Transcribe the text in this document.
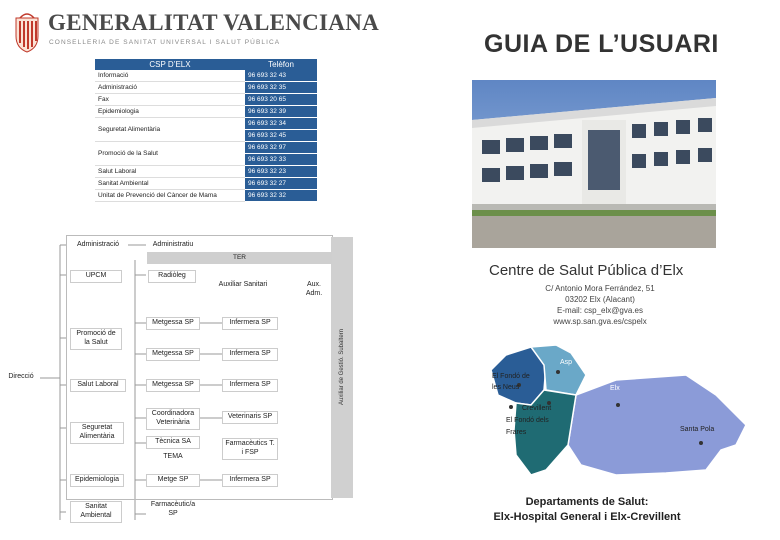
GENERALITAT VALENCIANA
CONSELLERIA DE SANITAT UNIVERSAL I SALUT PÚBLICA	GUIA DE L’USUARI
CSP D’ELX	Telèfon
Informació	96 693 32 43
Administració	96 693 32 35
Fax	96 693 20 65
Epidemiologia	96 693 32 39
Seguretat Alimentària	96 693 32 34
	96 693 32 45
Promoció de la Salut	96 693 32 97
	96 693 32 33
Salut Laboral	96 693 32 23
Sanitat Ambiental	96 693 32 27
Unitat de Prevenció del Càncer de Mama	96 693 32 32
Auxiliar de Gestió. Subaltern
TER
Direcció
Administració	Administratiu
UPCM	Radiòleg
Auxiliar Sanitari	Aux. Adm.
Promoció de la Salut
Salut Laboral
Seguretat Alimentària
Epidemiologia
Sanitat Ambiental
Metgessa SP
Metgessa SP
Metgessa SP
Coordinadora Veterinària
Tècnica SA
TEMA
Metge SP
Farmacèutic/a SP
Infermera SP
Infermera SP
Infermera SP
Veterinaris SP
Farmacèutics T. i FSP
Infermera SP
Centre de Salut Pública d’Elx
C/ Antonio Mora Ferrández, 51
03202 Elx (Alacant)
E-mail: csp_elx@gva.es
www.sp.san.gva.es/cspelx
Asp
El Fondó de les Neus	Elx
Crevillent
El Fondó dels Frares	Santa Pola
Departaments de Salut:
Elx-Hospital General i Elx-Crevillent
